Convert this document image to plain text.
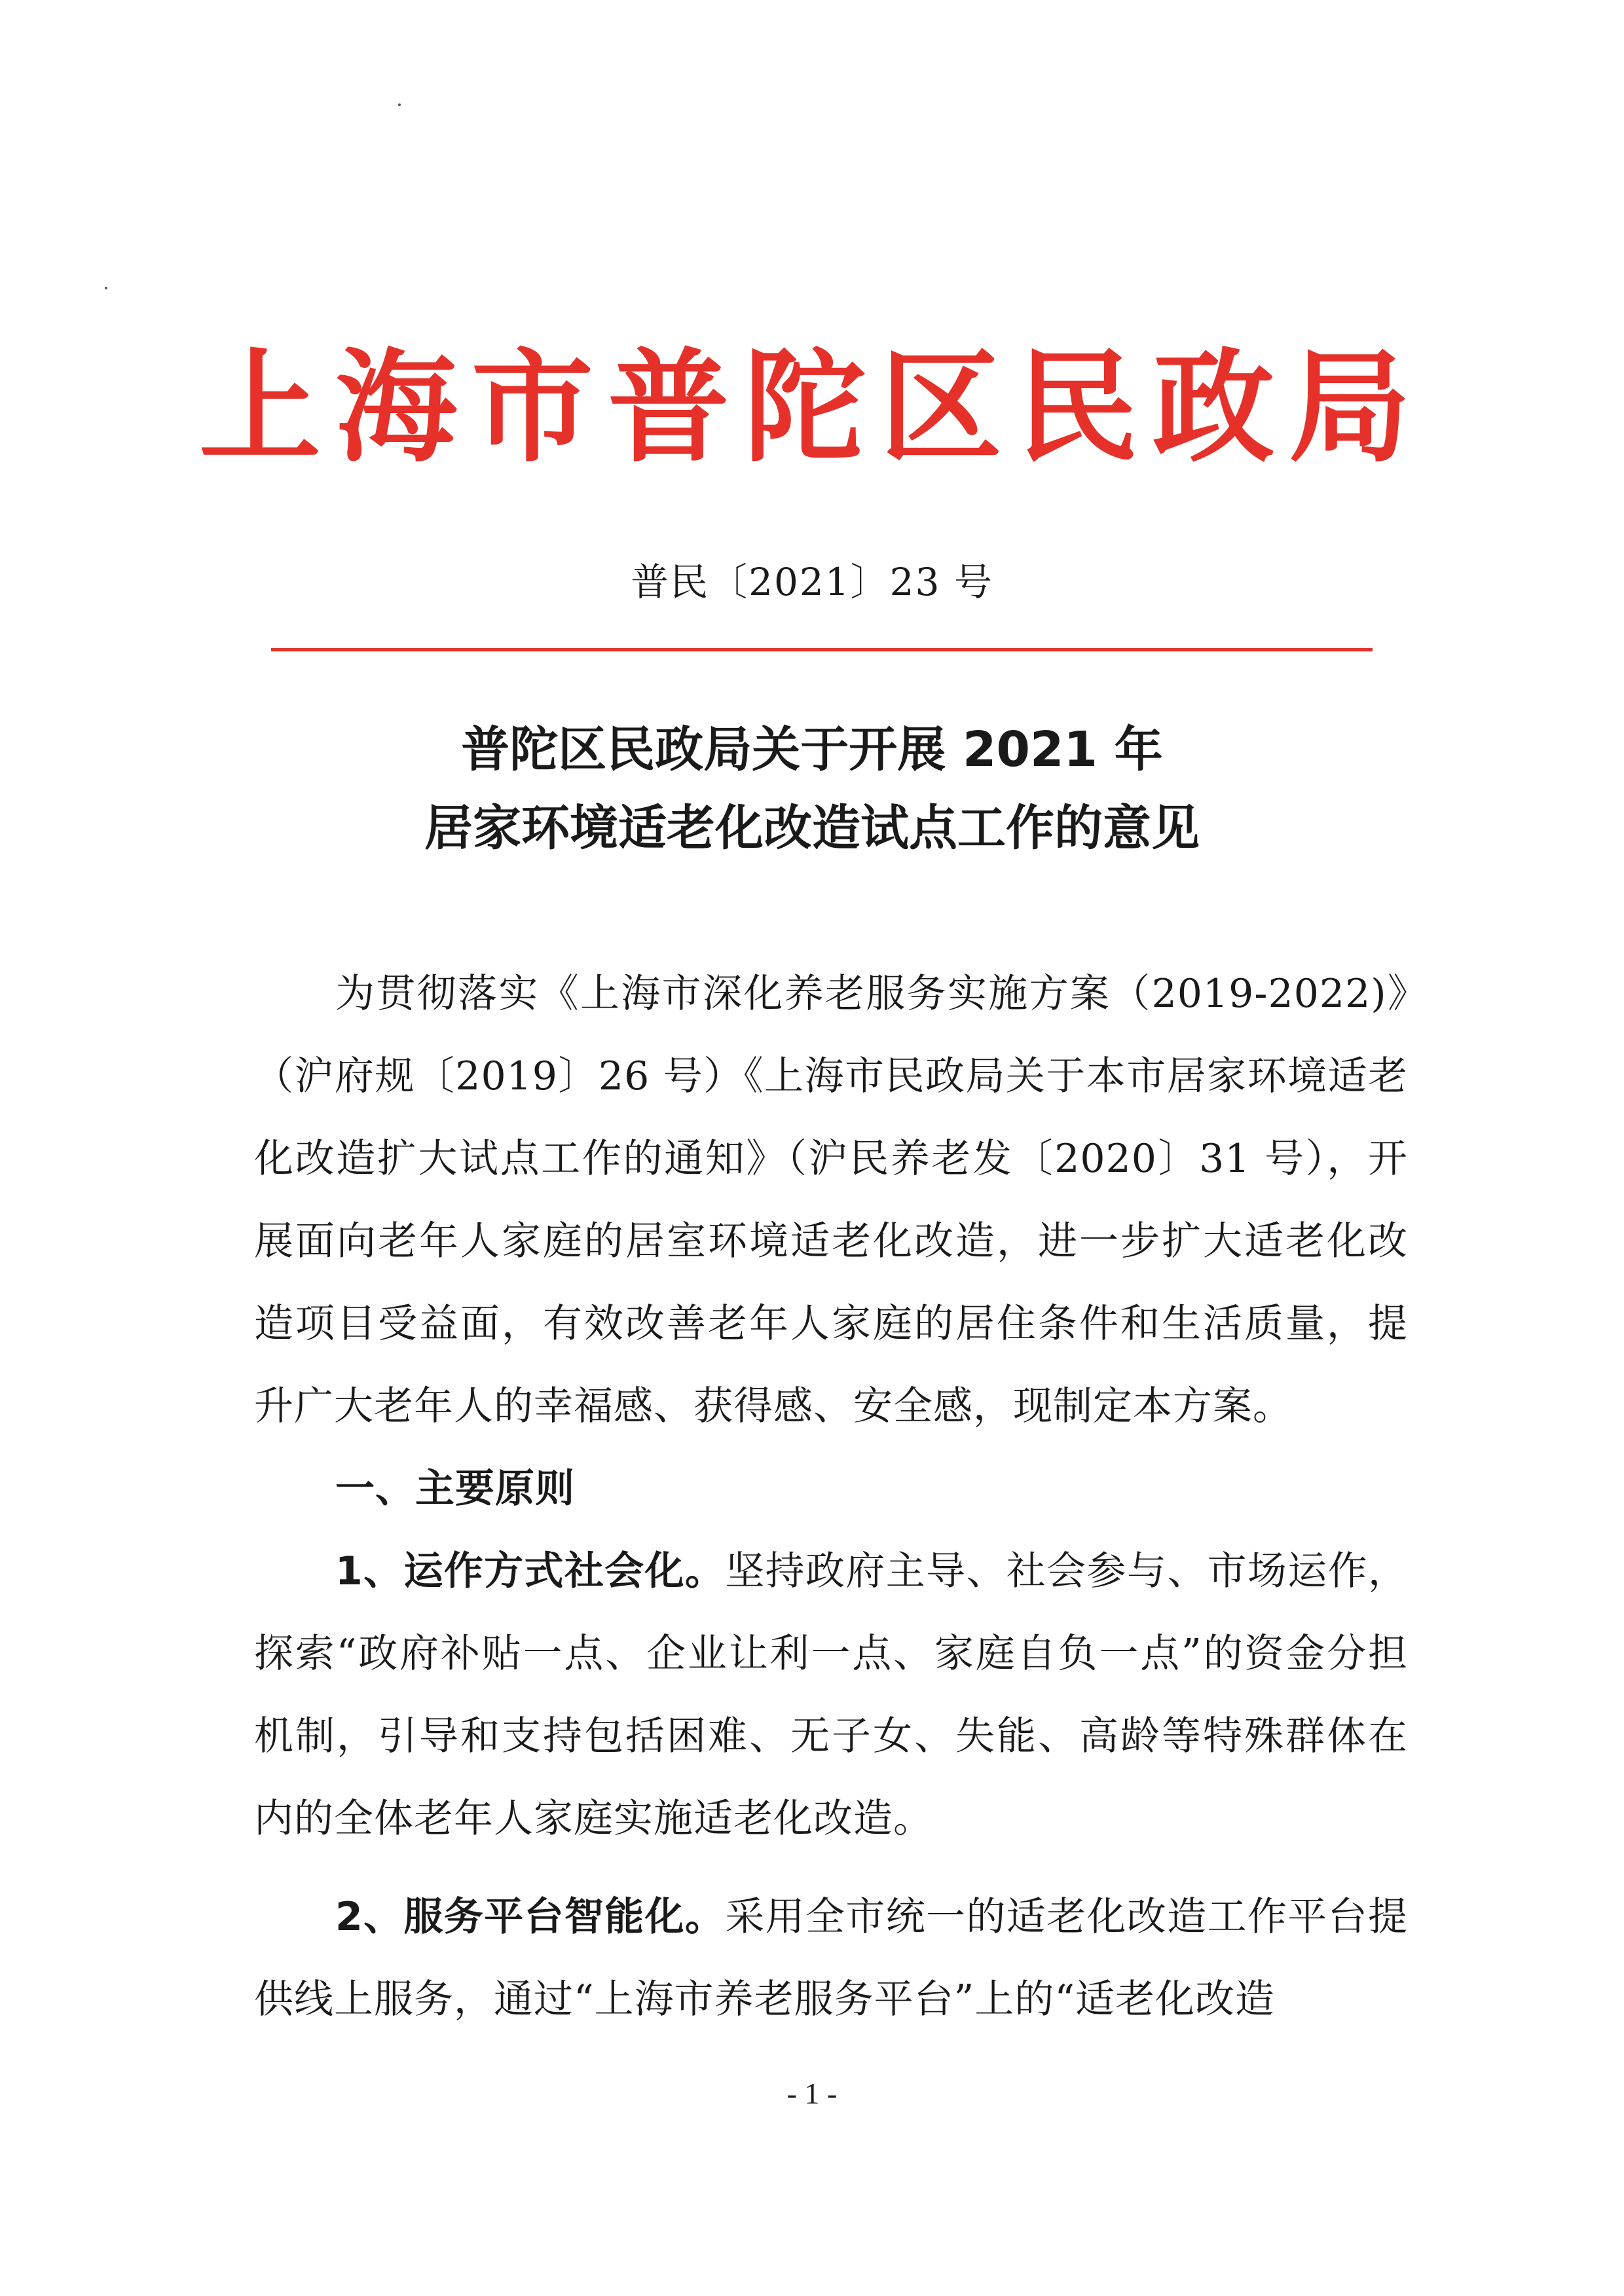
上海市普陀区民政局
普民〔2021〕23 号
普陀区民政局关于开展 2021 年
居家环境适老化改造试点工作的意见

为贯彻落实《上海市深化养老服务实施方案（2019-2022)》（沪府规〔2019〕26 号）《上海市民政局关于本市居家环境适老化改造扩大试点工作的通知》（沪民养老发〔2020〕31 号），开展面向老年人家庭的居室环境适老化改造，进一步扩大适老化改造项目受益面，有效改善老年人家庭的居住条件和生活质量，提升广大老年人的幸福感、获得感、安全感，现制定本方案。

一、主要原则

1、运作方式社会化。坚持政府主导、社会参与、市场运作，探索“政府补贴一点、企业让利一点、家庭自负一点”的资金分担机制，引导和支持包括困难、无子女、失能、高龄等特殊群体在内的全体老年人家庭实施适老化改造。

2、服务平台智能化。采用全市统一的适老化改造工作平台提供线上服务，通过“上海市养老服务平台”上的“适老化改造

- 1 -
